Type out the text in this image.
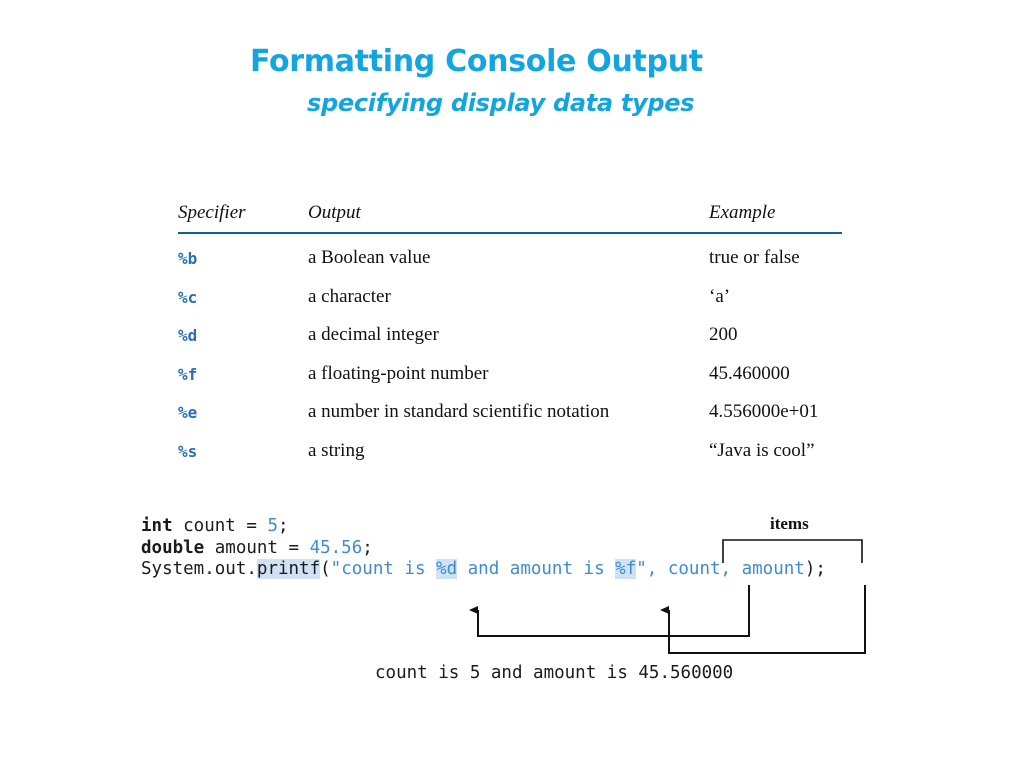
Formatting Console Output
specifying display data types
Specifier	Output	Example
%b	a Boolean value	true or false
%c	a character	‘a’
%d	a decimal integer	200
%f	a floating-point number	45.460000
%e	a number in standard scientific notation	4.556000e+01
%s	a string	“Java is cool”
int count = 5;
double amount = 45.56;
System.out.printf("count is %d and amount is %f", count, amount);
items
count is 5 and amount is 45.560000
